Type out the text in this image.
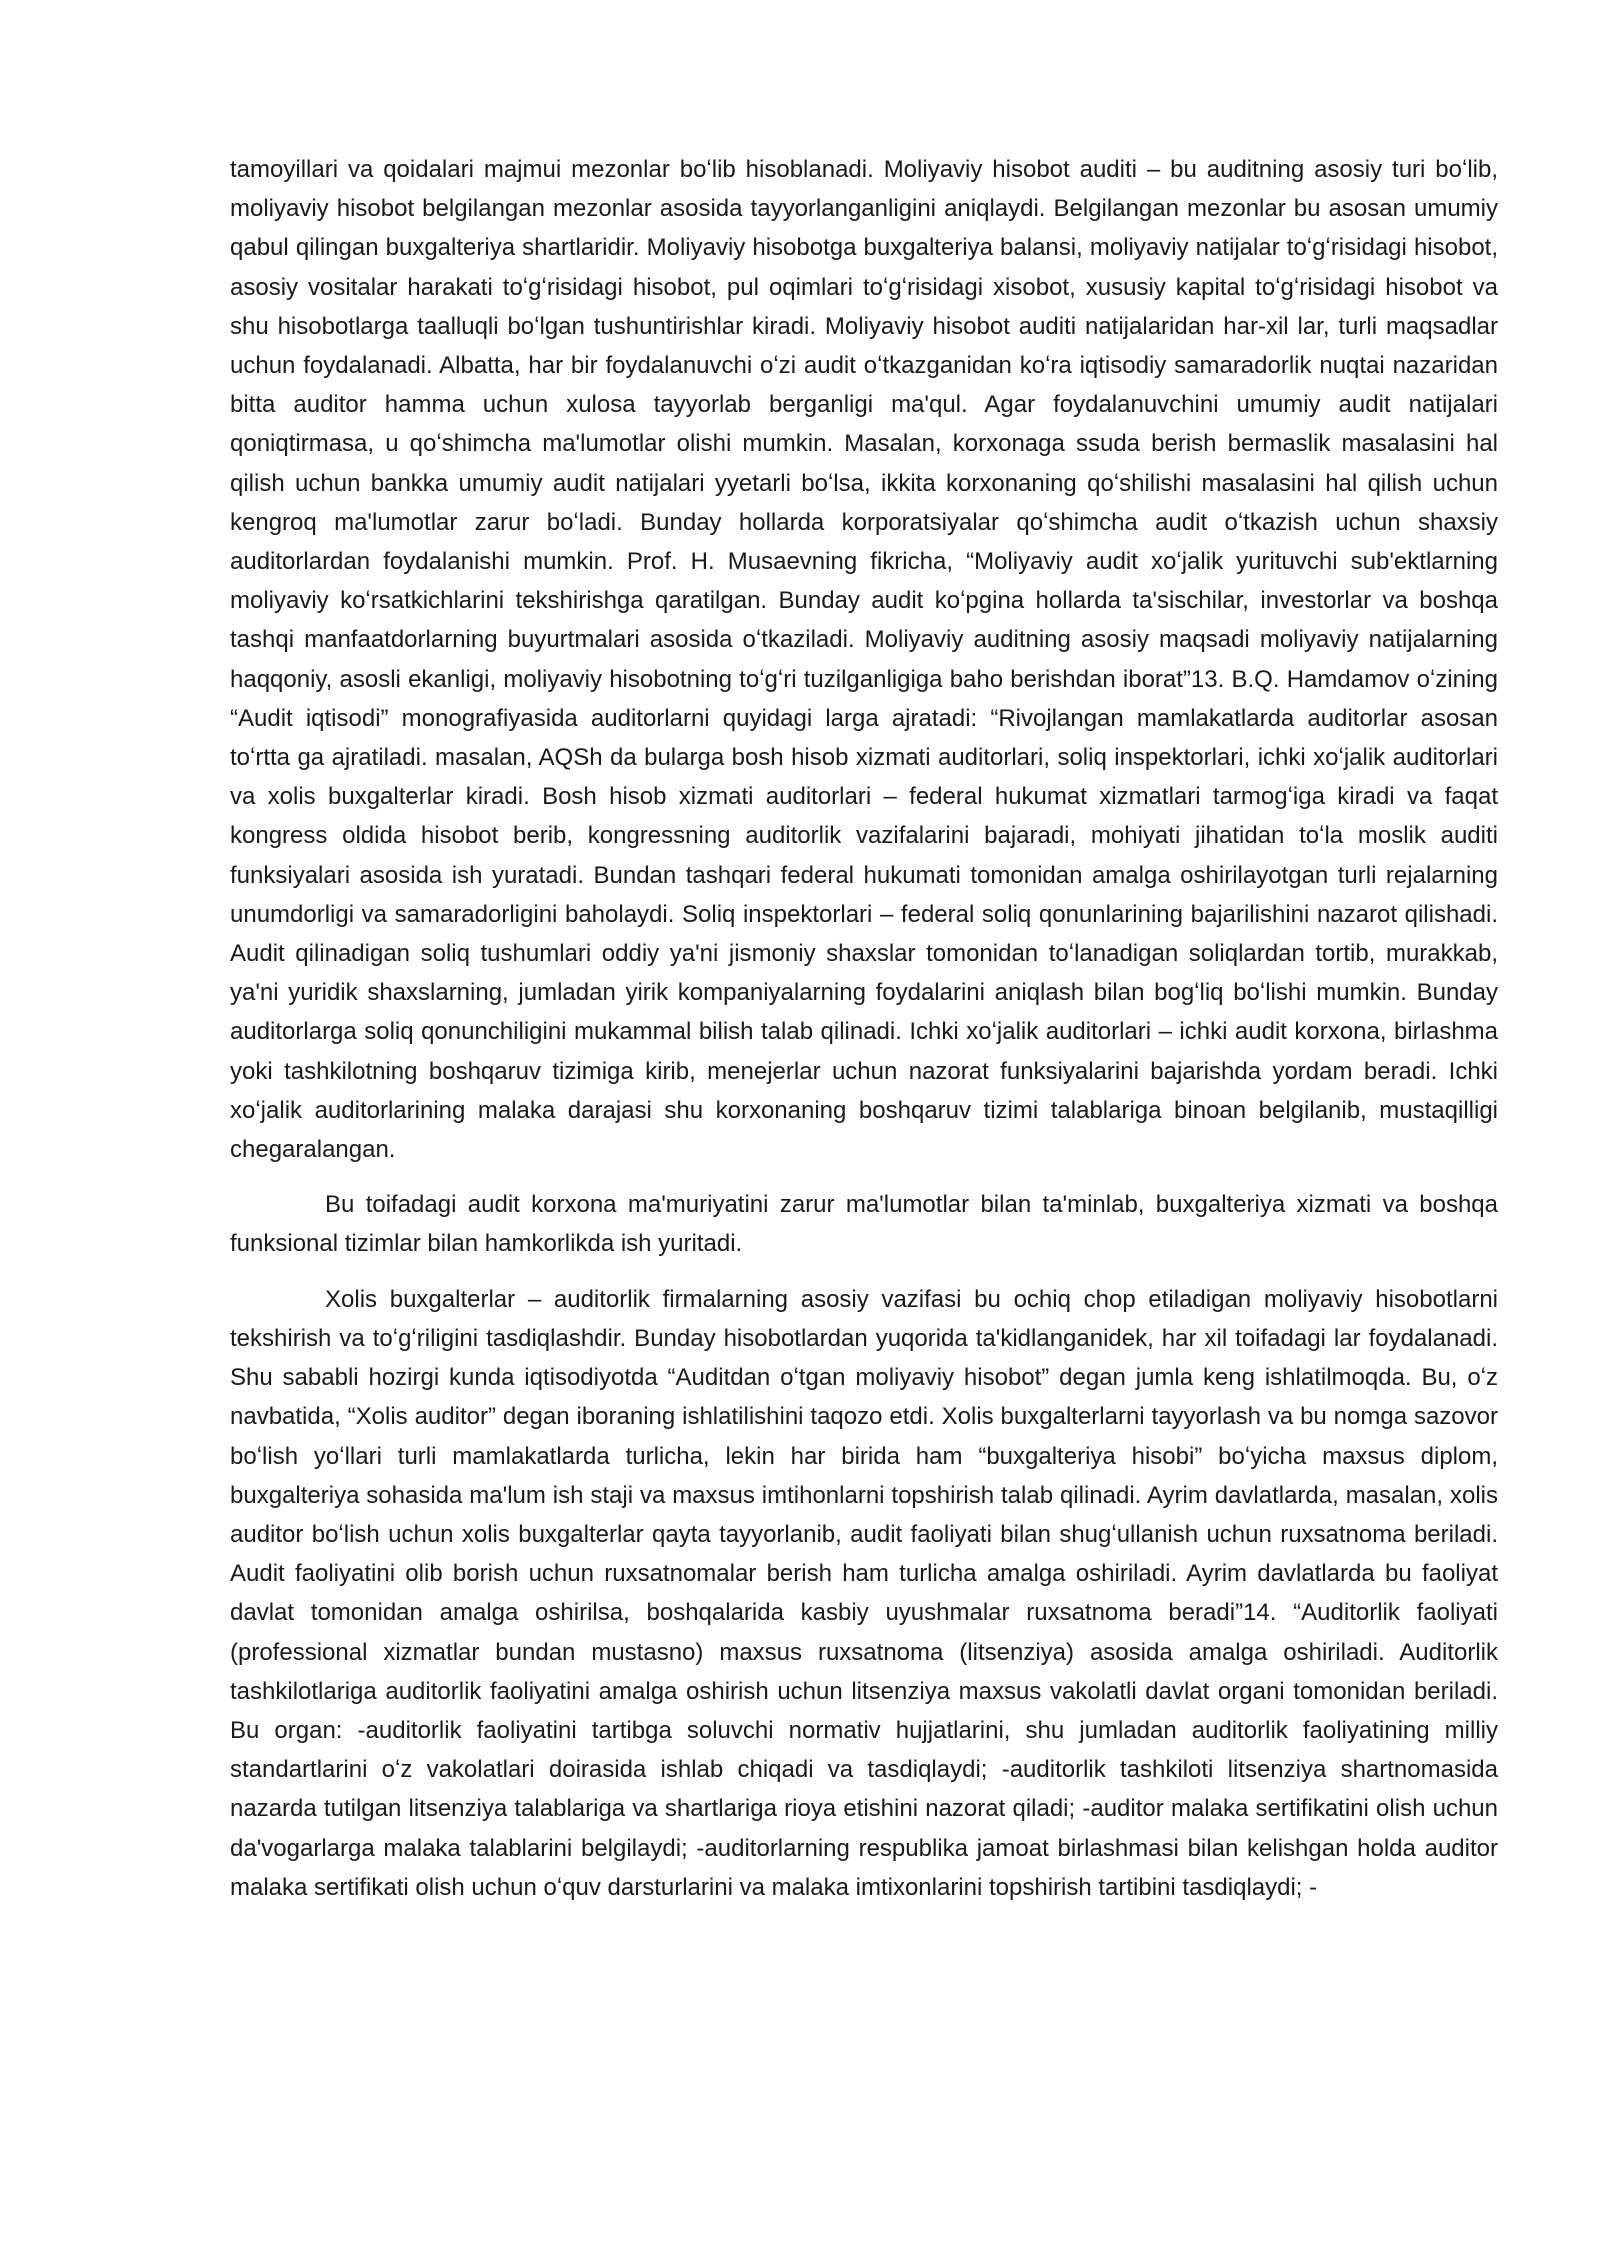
tamoyillari va qoidalari majmui mezonlar boʻlib hisoblanadi. Moliyaviy hisobot auditi – bu auditning asosiy turi boʻlib, moliyaviy hisobot belgilangan mezonlar asosida tayyorlanganligini aniqlaydi. Belgilangan mezonlar bu asosan umumiy qabul qilingan buxgalteriya shartlaridir. Moliyaviy hisobotga buxgalteriya balansi, moliyaviy natijalar toʻgʻrisidagi hisobot, asosiy vositalar harakati toʻgʻrisidagi hisobot, pul oqimlari toʻgʻrisidagi xisobot, xususiy kapital toʻgʻrisidagi hisobot va shu hisobotlarga taalluqli boʻlgan tushuntirishlar kiradi. Moliyaviy hisobot auditi natijalaridan har-xil lar, turli maqsadlar uchun foydalanadi. Albatta, har bir foydalanuvchi oʻzi audit oʻtkazganidan koʻra iqtisodiy samaradorlik nuqtai nazaridan bitta auditor hamma uchun xulosa tayyorlab berganligi ma'qul. Agar foydalanuvchini umumiy audit natijalari qoniqtirmasa, u qoʻshimcha ma'lumotlar olishi mumkin. Masalan, korxonaga ssuda berish bermaslik masalasini hal qilish uchun bankka umumiy audit natijalari yyetarli boʻlsa, ikkita korxonaning qoʻshilishi masalasini hal qilish uchun kengroq ma'lumotlar zarur boʻladi. Bunday hollarda korporatsiyalar qoʻshimcha audit oʻtkazish uchun shaxsiy auditorlardan foydalanishi mumkin. Prof. H. Musaevning fikricha, “Moliyaviy audit xoʻjalik yurituvchi sub'ektlarning moliyaviy koʻrsatkichlarini tekshirishga qaratilgan. Bunday audit koʻpgina hollarda ta'sischilar, investorlar va boshqa tashqi manfaatdorlarning buyurtmalari asosida oʻtkaziladi. Moliyaviy auditning asosiy maqsadi moliyaviy natijalarning haqqoniy, asosli ekanligi, moliyaviy hisobotning toʻgʻri tuzilganligiga baho berishdan iborat”13. B.Q. Hamdamov oʻzining “Audit iqtisodi” monografiyasida auditorlarni quyidagi larga ajratadi: “Rivojlangan mamlakatlarda auditorlar asosan toʻrtta ga ajratiladi. masalan, AQSh da bularga bosh hisob xizmati auditorlari, soliq inspektorlari, ichki xoʻjalik auditorlari va xolis buxgalterlar kiradi. Bosh hisob xizmati auditorlari – federal hukumat xizmatlari tarmogʻiga kiradi va faqat kongress oldida hisobot berib, kongressning auditorlik vazifalarini bajaradi, mohiyati jihatidan toʻla moslik auditi funksiyalari asosida ish yuratadi. Bundan tashqari federal hukumati tomonidan amalga oshirilayotgan turli rejalarning unumdorligi va samaradorligini baholaydi. Soliq inspektorlari – federal soliq qonunlarining bajarilishini nazarot qilishadi. Audit qilinadigan soliq tushumlari oddiy ya'ni jismoniy shaxslar tomonidan toʻlanadigan soliqlardan tortib, murakkab, ya'ni yuridik shaxslarning, jumladan yirik kompaniyalarning foydalarini aniqlash bilan bogʻliq boʻlishi mumkin. Bunday auditorlarga soliq qonunchiligini mukammal bilish talab qilinadi. Ichki xoʻjalik auditorlari – ichki audit korxona, birlashma yoki tashkilotning boshqaruv tizimiga kirib, menejerlar uchun nazorat funksiyalarini bajarishda yordam beradi. Ichki xoʻjalik auditorlarining malaka darajasi shu korxonaning boshqaruv tizimi talablariga binoan belgilanib, mustaqilligi chegaralangan.

Bu toifadagi audit korxona ma'muriyatini zarur ma'lumotlar bilan ta'minlab, buxgalteriya xizmati va boshqa funksional tizimlar bilan hamkorlikda ish yuritadi.

Xolis buxgalterlar – auditorlik firmalarning asosiy vazifasi bu ochiq chop etiladigan moliyaviy hisobotlarni tekshirish va toʻgʻriligini tasdiqlashdir. Bunday hisobotlardan yuqorida ta'kidlanganidek, har xil toifadagi lar foydalanadi. Shu sababli hozirgi kunda iqtisodiyotda “Auditdan oʻtgan moliyaviy hisobot” degan jumla keng ishlatilmoqda. Bu, oʻz navbatida, “Xolis auditor” degan iboraning ishlatilishini taqozo etdi. Xolis buxgalterlarni tayyorlash va bu nomga sazovor boʻlish yoʻllari turli mamlakatlarda turlicha, lekin har birida ham “buxgalteriya hisobi” boʻyicha maxsus diplom, buxgalteriya sohasida ma'lum ish staji va maxsus imtihonlarni topshirish talab qilinadi. Ayrim davlatlarda, masalan, xolis auditor boʻlish uchun xolis buxgalterlar qayta tayyorlanib, audit faoliyati bilan shugʻullanish uchun ruxsatnoma beriladi. Audit faoliyatini olib borish uchun ruxsatnomalar berish ham turlicha amalga oshiriladi. Ayrim davlatlarda bu faoliyat davlat tomonidan amalga oshirilsa, boshqalarida kasbiy uyushmalar ruxsatnoma beradi”14. “Auditorlik faoliyati (professional xizmatlar bundan mustasno) maxsus ruxsatnoma (litsenziya) asosida amalga oshiriladi. Auditorlik tashkilotlariga auditorlik faoliyatini amalga oshirish uchun litsenziya maxsus vakolatli davlat organi tomonidan beriladi. Bu organ: -auditorlik faoliyatini tartibga soluvchi normativ hujjatlarini, shu jumladan auditorlik faoliyatining milliy standartlarini oʻz vakolatlari doirasida ishlab chiqadi va tasdiqlaydi; -auditorlik tashkiloti litsenziya shartnomasida nazarda tutilgan litsenziya talablariga va shartlariga rioya etishini nazorat qiladi; -auditor malaka sertifikatini olish uchun da'vogarlarga malaka talablarini belgilaydi; -auditorlarning respublika jamoat birlashmasi bilan kelishgan holda auditor malaka sertifikati olish uchun oʻquv darsturlarini va malaka imtixonlarini topshirish tartibini tasdiqlaydi; -
